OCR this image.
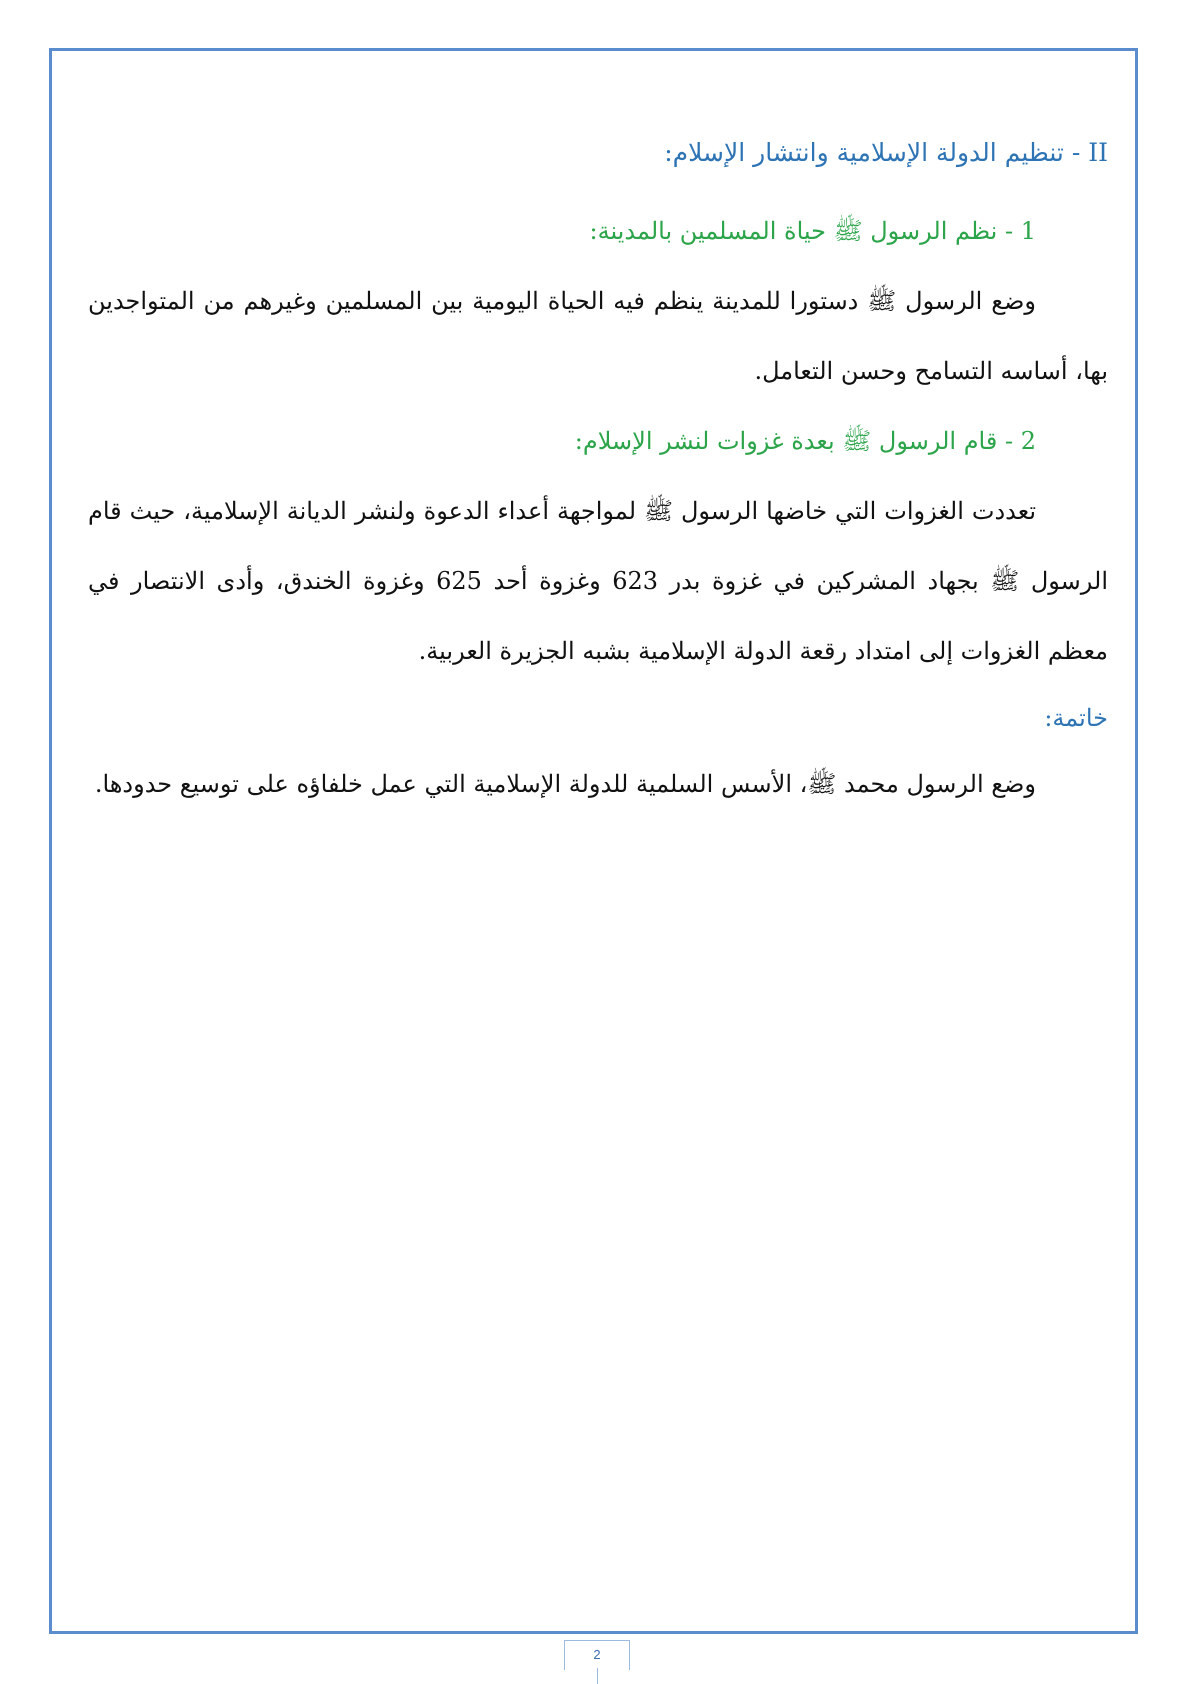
II - تنظيم الدولة الإسلامية وانتشار الإسلام:
1 - نظم الرسول ﷺ حياة المسلمين بالمدينة:

وضع الرسول ﷺ دستورا للمدينة ينظم فيه الحياة اليومية بين المسلمين وغيرهم من المتواجدين بها، أساسه التسامح وحسن التعامل.

2 - قام الرسول ﷺ بعدة غزوات لنشر الإسلام:

تعددت الغزوات التي خاضها الرسول ﷺ لمواجهة أعداء الدعوة ولنشر الديانة الإسلامية، حيث قام الرسول ﷺ بجهاد المشركين في غزوة بدر 623 وغزوة أحد 625 وغزوة الخندق، وأدى الانتصار في معظم الغزوات إلى امتداد رقعة الدولة الإسلامية بشبه الجزيرة العربية.

خاتمة:

وضع الرسول محمد ﷺ، الأسس السلمية للدولة الإسلامية التي عمل خلفاؤه على توسيع حدودها.

2
